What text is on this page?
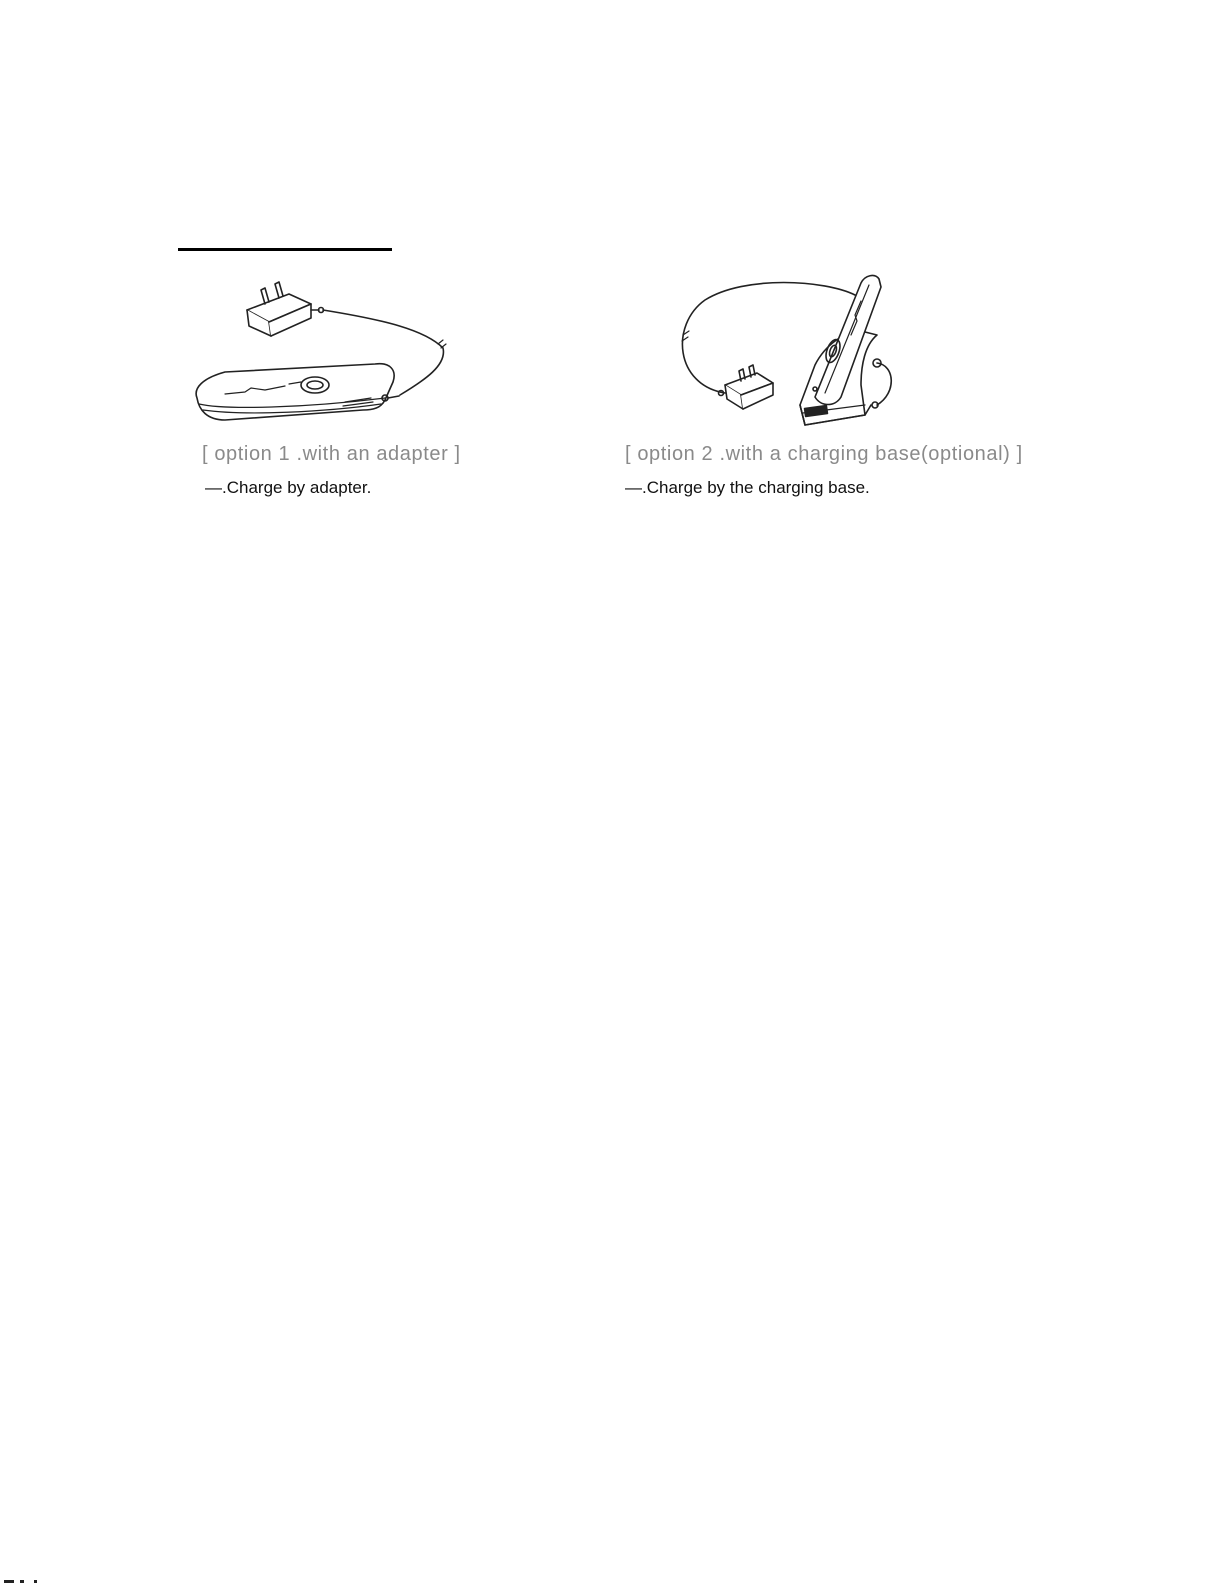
[ option 1 .with an adapter ]	[ option 2 .with a charging base(optional) ]
—.Charge by adapter.	—.Charge by the charging base.
